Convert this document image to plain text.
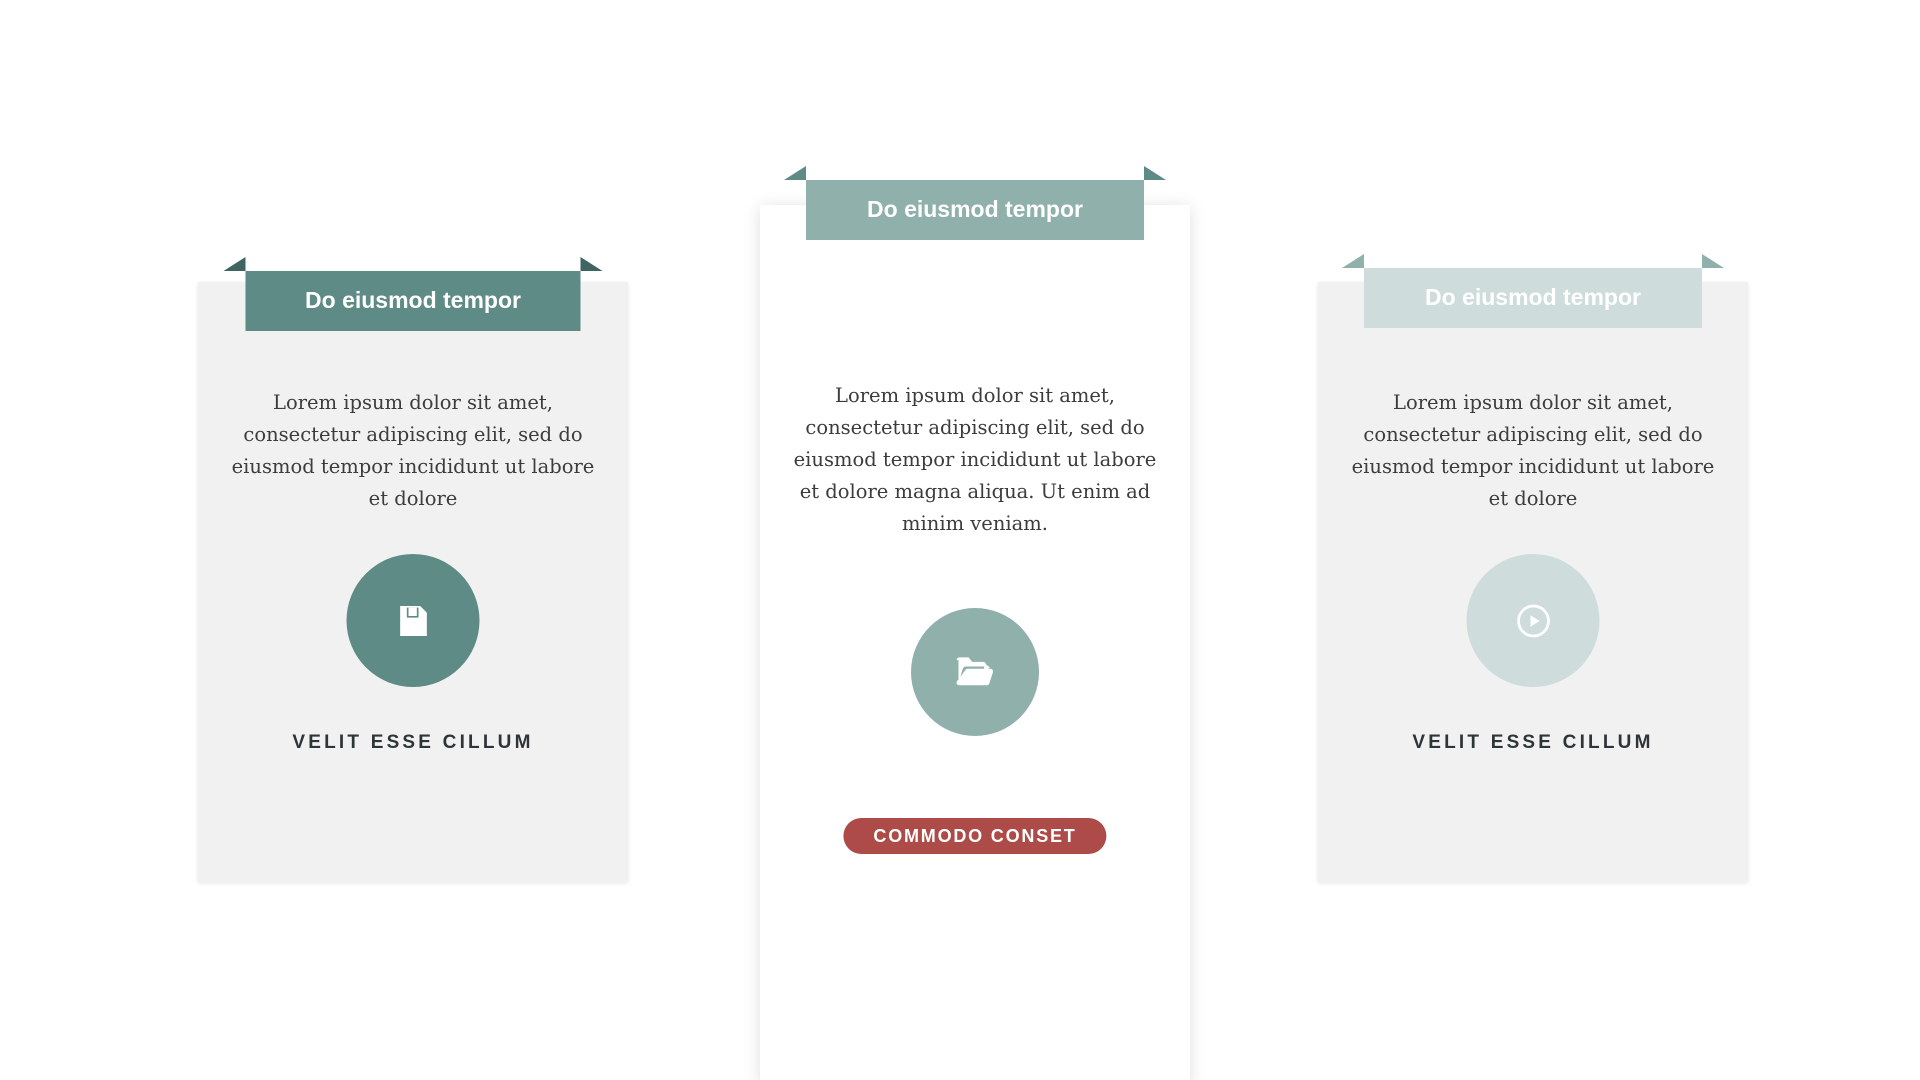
Do eiusmod tempor
Lorem ipsum dolor sit amet, consectetur adipiscing elit, sed do eiusmod tempor incididunt ut labore et dolore
VELIT ESSE CILLUM
Do eiusmod tempor
Lorem ipsum dolor sit amet, consectetur adipiscing elit, sed do eiusmod tempor incididunt ut labore et dolore magna aliqua. Ut enim ad minim veniam.
COMMODO CONSET
Do eiusmod tempor
Lorem ipsum dolor sit amet, consectetur adipiscing elit, sed do eiusmod tempor incididunt ut labore et dolore
VELIT ESSE CILLUM
